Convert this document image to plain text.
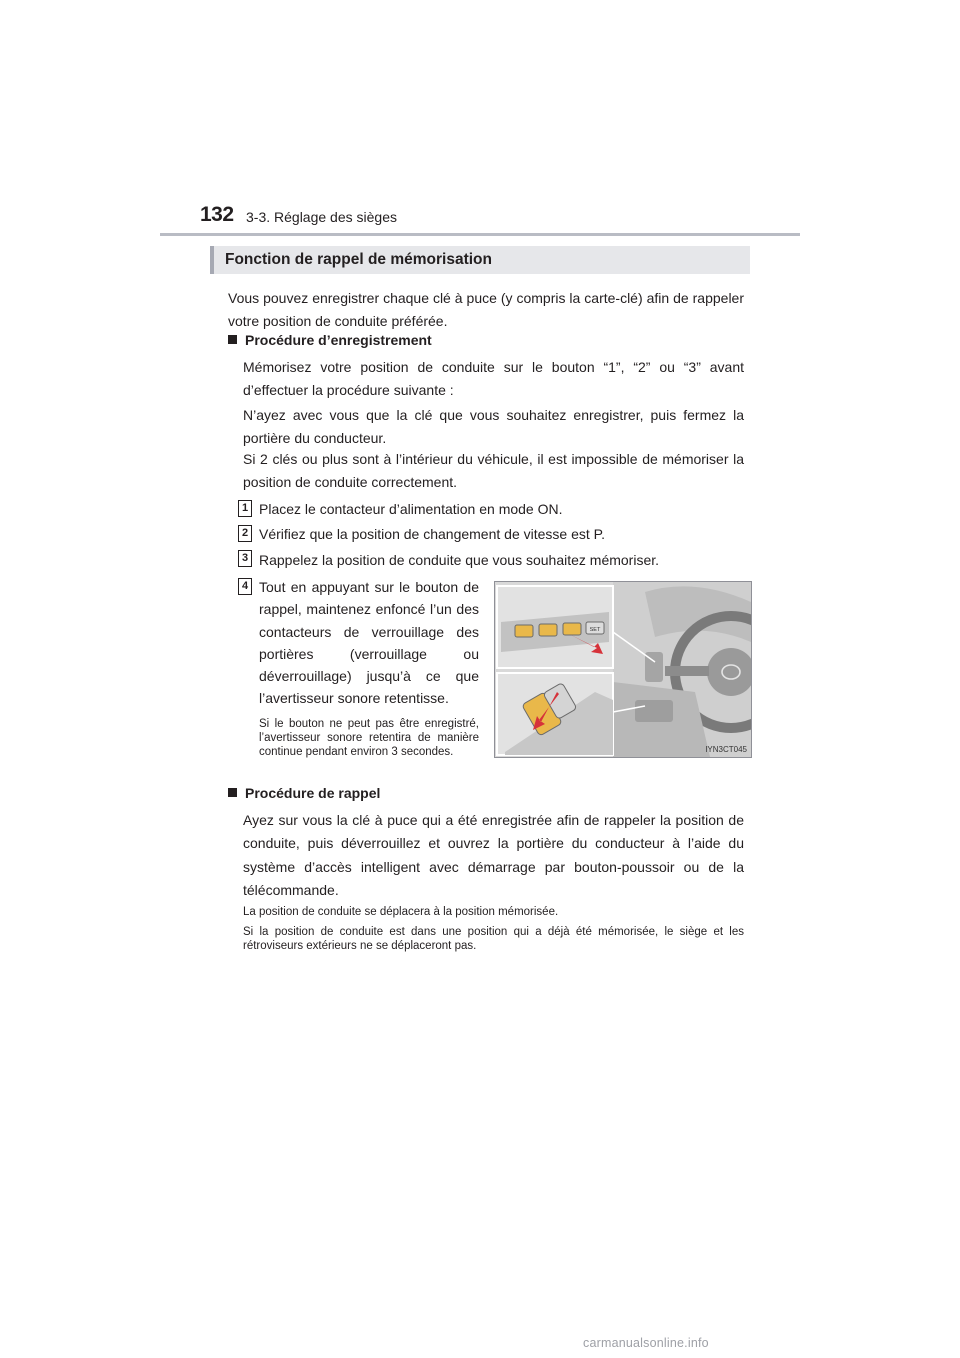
132 3-3. Réglage des sièges
Fonction de rappel de mémorisation

Vous pouvez enregistrer chaque clé à puce (y compris la carte-clé) afin de rappeler votre position de conduite préférée.

Procédure d’enregistrement

Mémorisez votre position de conduite sur le bouton “1”, “2” ou “3” avant d’effectuer la procédure suivante :

N’ayez avec vous que la clé que vous souhaitez enregistrer, puis fermez la portière du conducteur.

Si 2 clés ou plus sont à l’intérieur du véhicule, il est impossible de mémoriser la position de conduite correctement.

1 Placez le contacteur d’alimentation en mode ON.

2 Vérifiez que la position de changement de vitesse est P.

3 Rappelez la position de conduite que vous souhaitez mémoriser.

4 Tout en appuyant sur le bouton de rappel, maintenez enfoncé l’un des contacteurs de verrouillage des portières (verrouillage ou déverrouillage) jusqu’à ce que l’avertisseur sonore retentisse.

Si le bouton ne peut pas être enregistré, l’avertisseur sonore retentira de manière continue pendant environ 3 secondes.

SET
IYN3CT045
Procédure de rappel

Ayez sur vous la clé à puce qui a été enregistrée afin de rappeler la position de conduite, puis déverrouillez et ouvrez la portière du conducteur à l’aide du système d’accès intelligent avec démarrage par bouton-poussoir ou de la télécommande.

La position de conduite se déplacera à la position mémorisée.

Si la position de conduite est dans une position qui a déjà été mémorisée, le siège et les rétroviseurs extérieurs ne se déplaceront pas.

carmanualsonline.info
